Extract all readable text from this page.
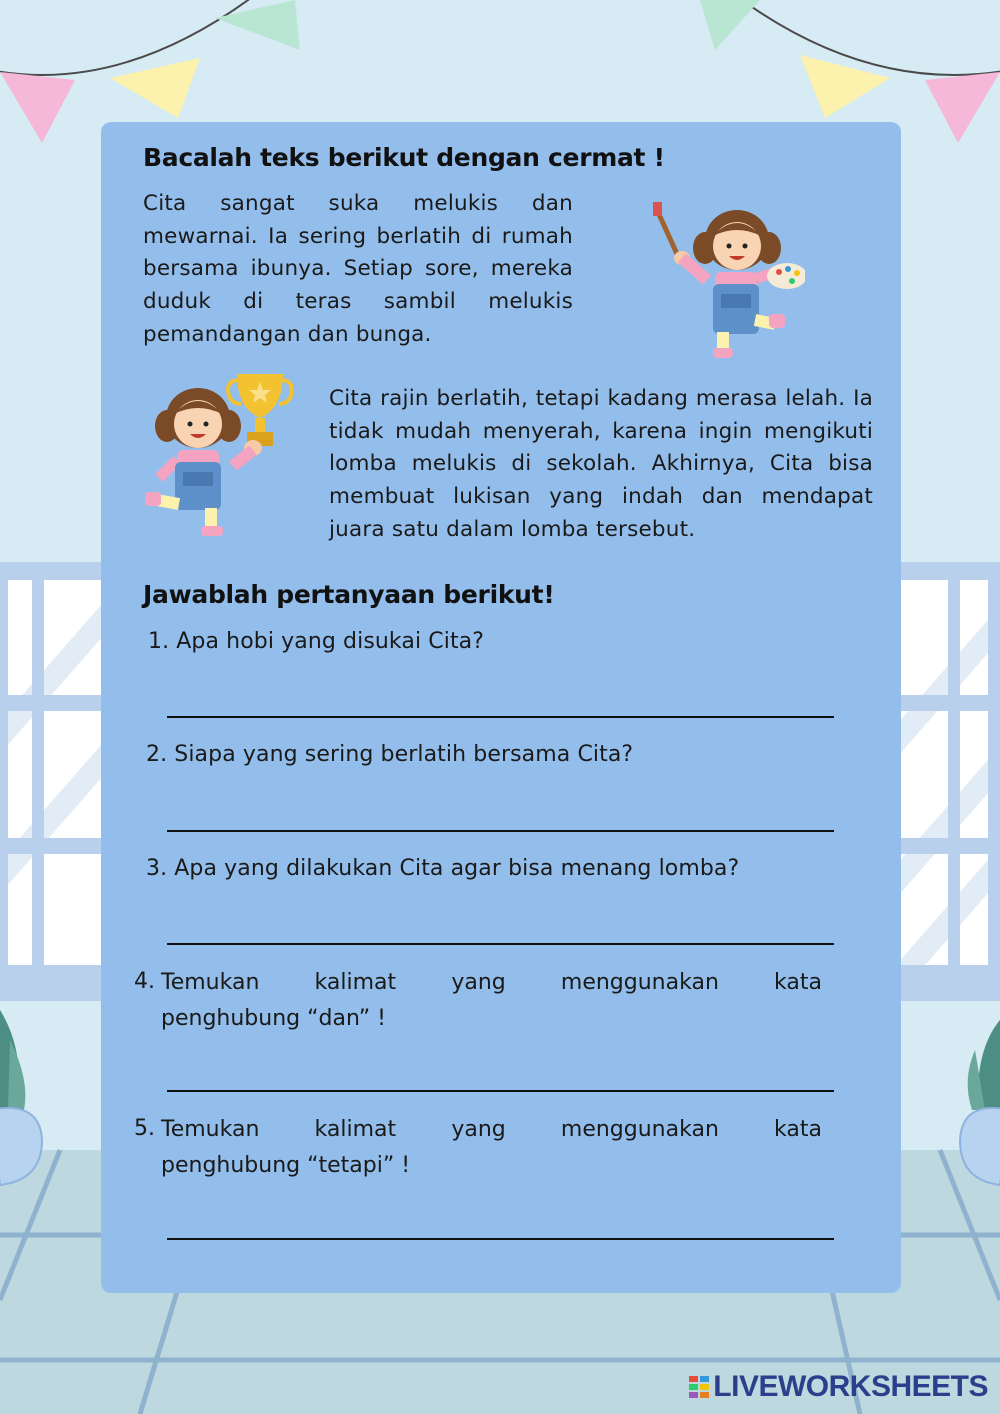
Bacalah teks berikut dengan cermat !
Cita sangat suka melukis dan mewarnai. Ia sering berlatih di rumah bersama ibunya. Setiap sore, mereka duduk di teras sambil melukis pemandangan dan bunga.
Cita rajin berlatih, tetapi kadang merasa lelah. Ia tidak mudah menyerah, karena ingin mengikuti lomba melukis di sekolah. Akhirnya, Cita bisa membuat lukisan yang indah dan mendapat juara satu dalam lomba tersebut.
Jawablah pertanyaan berikut!
1. Apa hobi yang disukai Cita?
2. Siapa yang sering berlatih bersama Cita?
3. Apa yang dilakukan Cita agar bisa menang lomba?
4. Temukan kalimat yang menggunakan kata
penghubung “dan” !
5. Temukan kalimat yang menggunakan kata
penghubung “tetapi” !
LIVEWORKSHEETS
